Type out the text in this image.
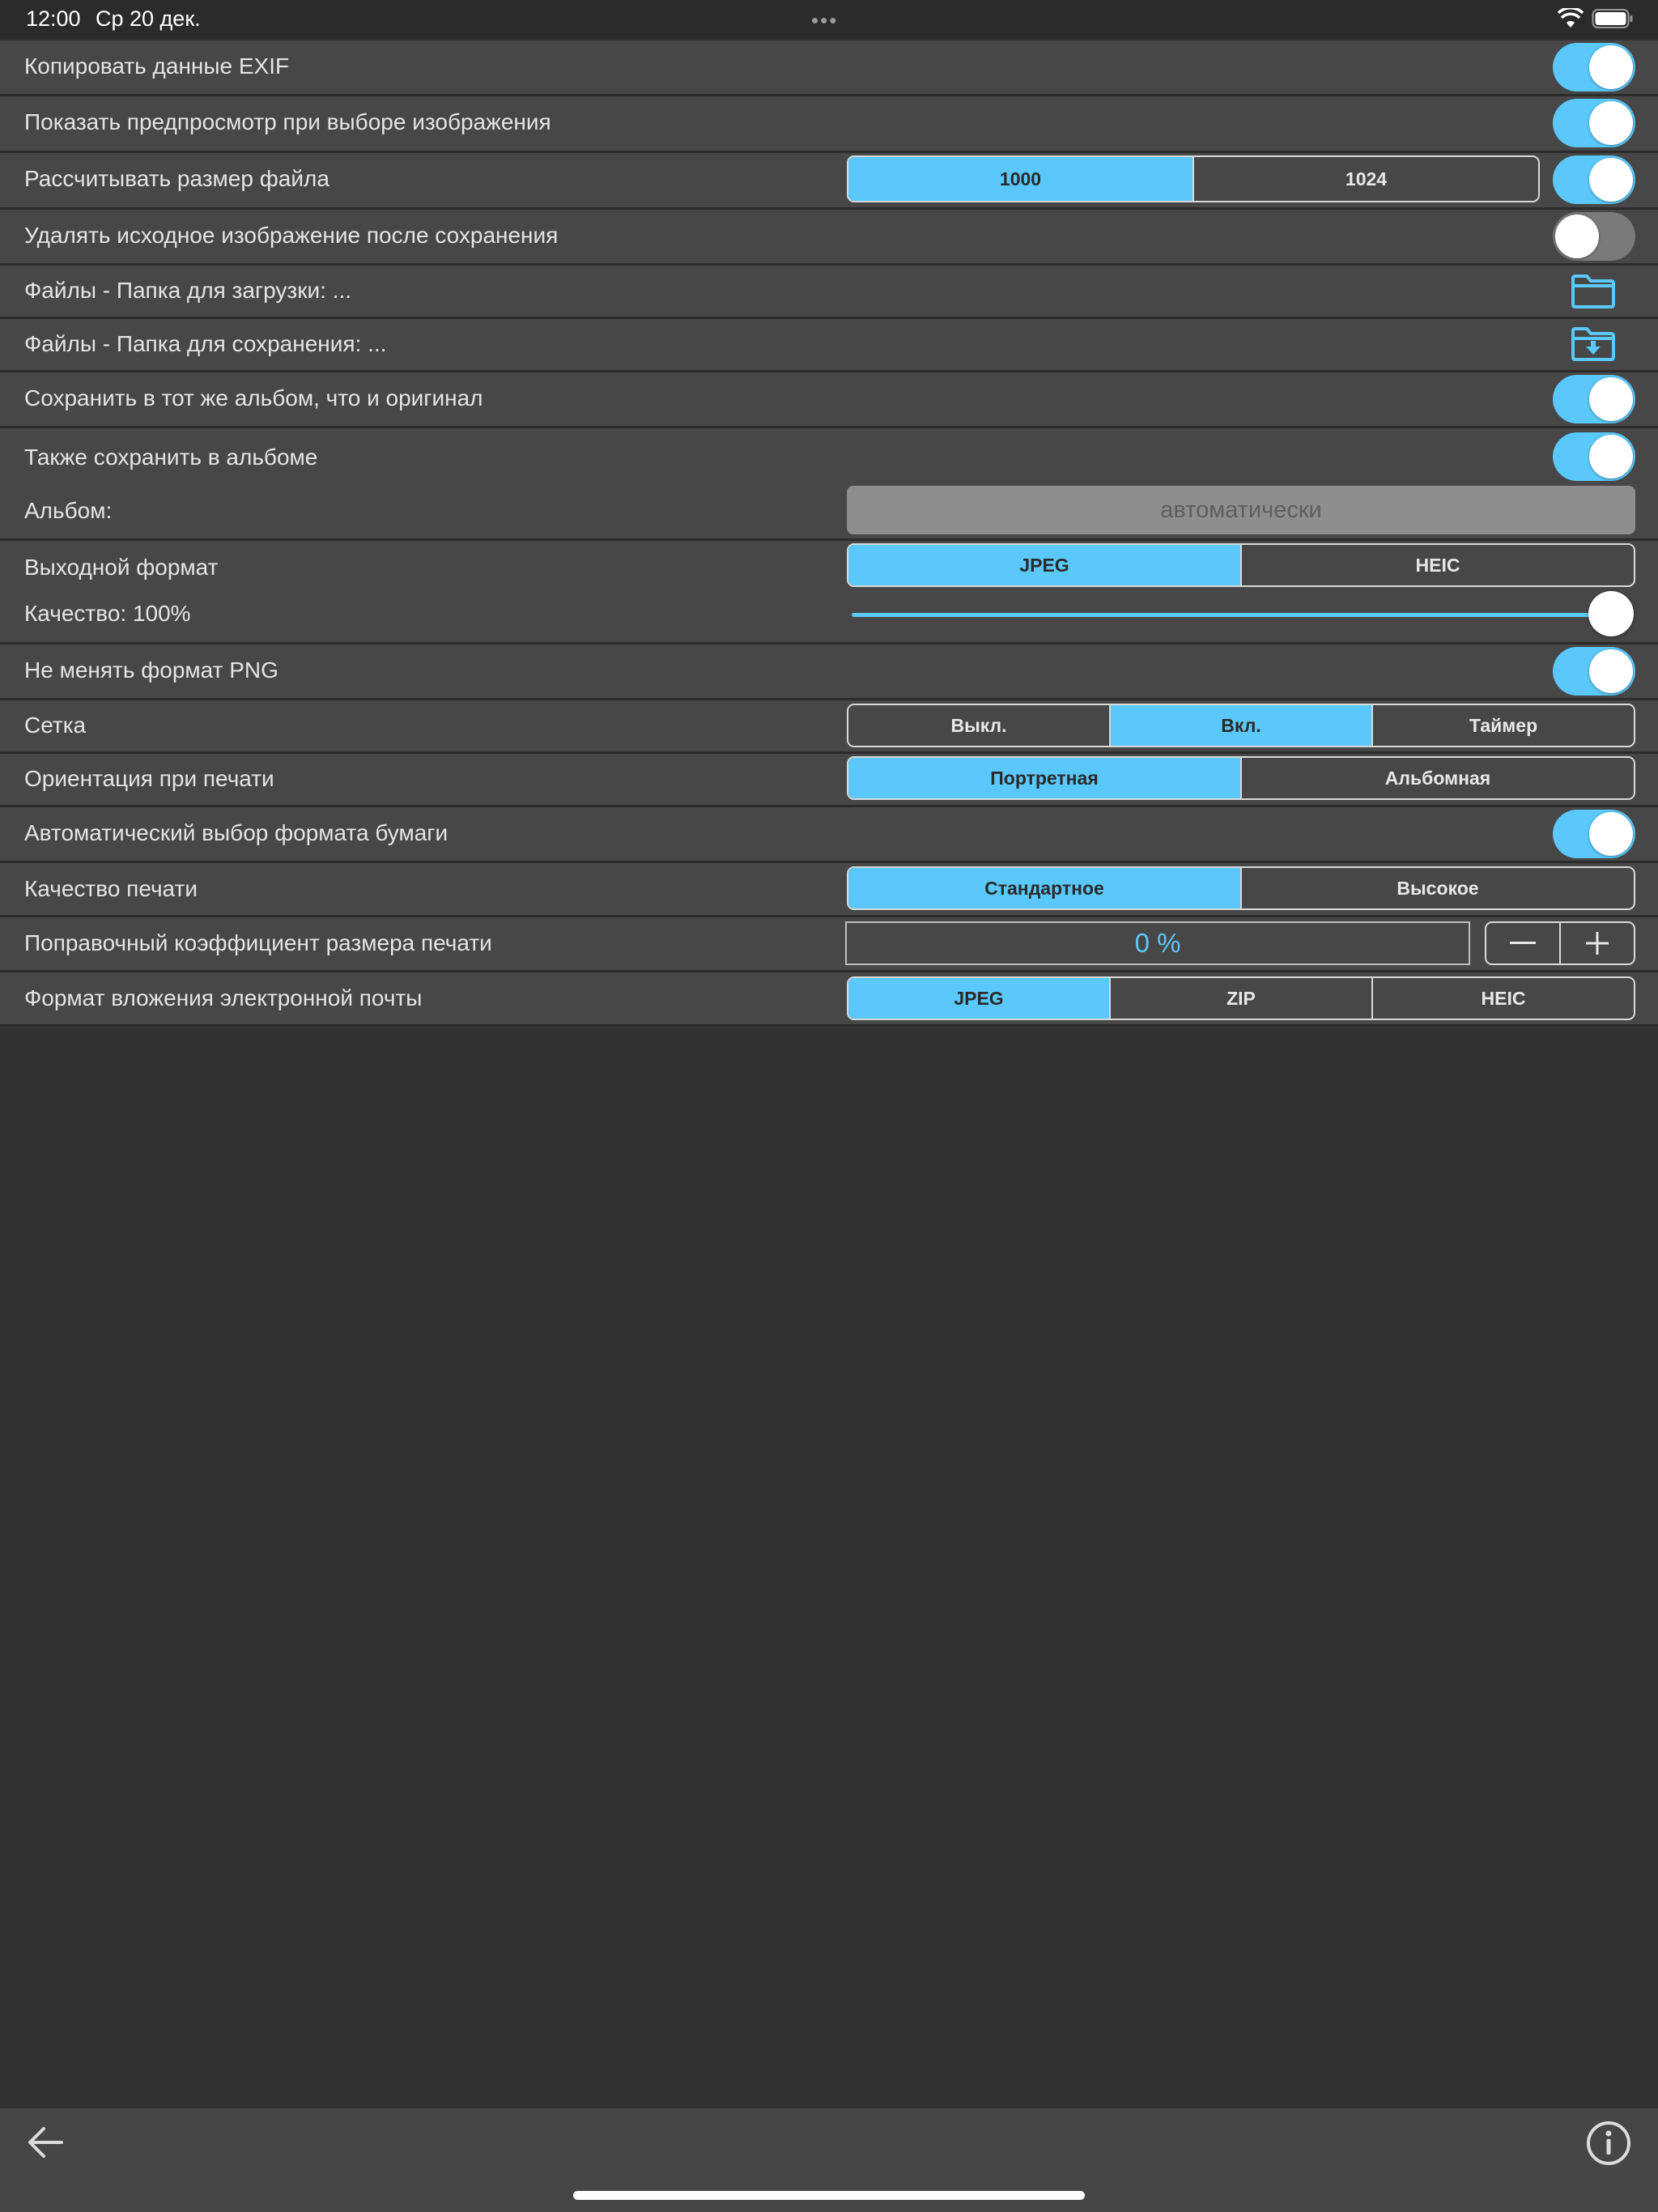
12:00 Ср 20 дек.	•••
Копировать данные EXIF
Показать предпросмотр при выборе изображения
Рассчитывать размер файла	1000	1024
Удалять исходное изображение после сохранения
Файлы - Папка для загрузки: ...
Файлы - Папка для сохранения: ...
Сохранить в тот же альбом, что и оригинал
Также сохранить в альбоме
Альбом:	автоматически
Выходной формат	JPEG	HEIC
Качество: 100%
Не менять формат PNG
Сетка	Выкл.	Вкл.	Таймер
Ориентация при печати	Портретная	Альбомная
Автоматический выбор формата бумаги
Качество печати	Стандартное	Высокое
Поправочный коэффициент размера печати	0 %
Формат вложения электронной почты	JPEG	ZIP	HEIC
